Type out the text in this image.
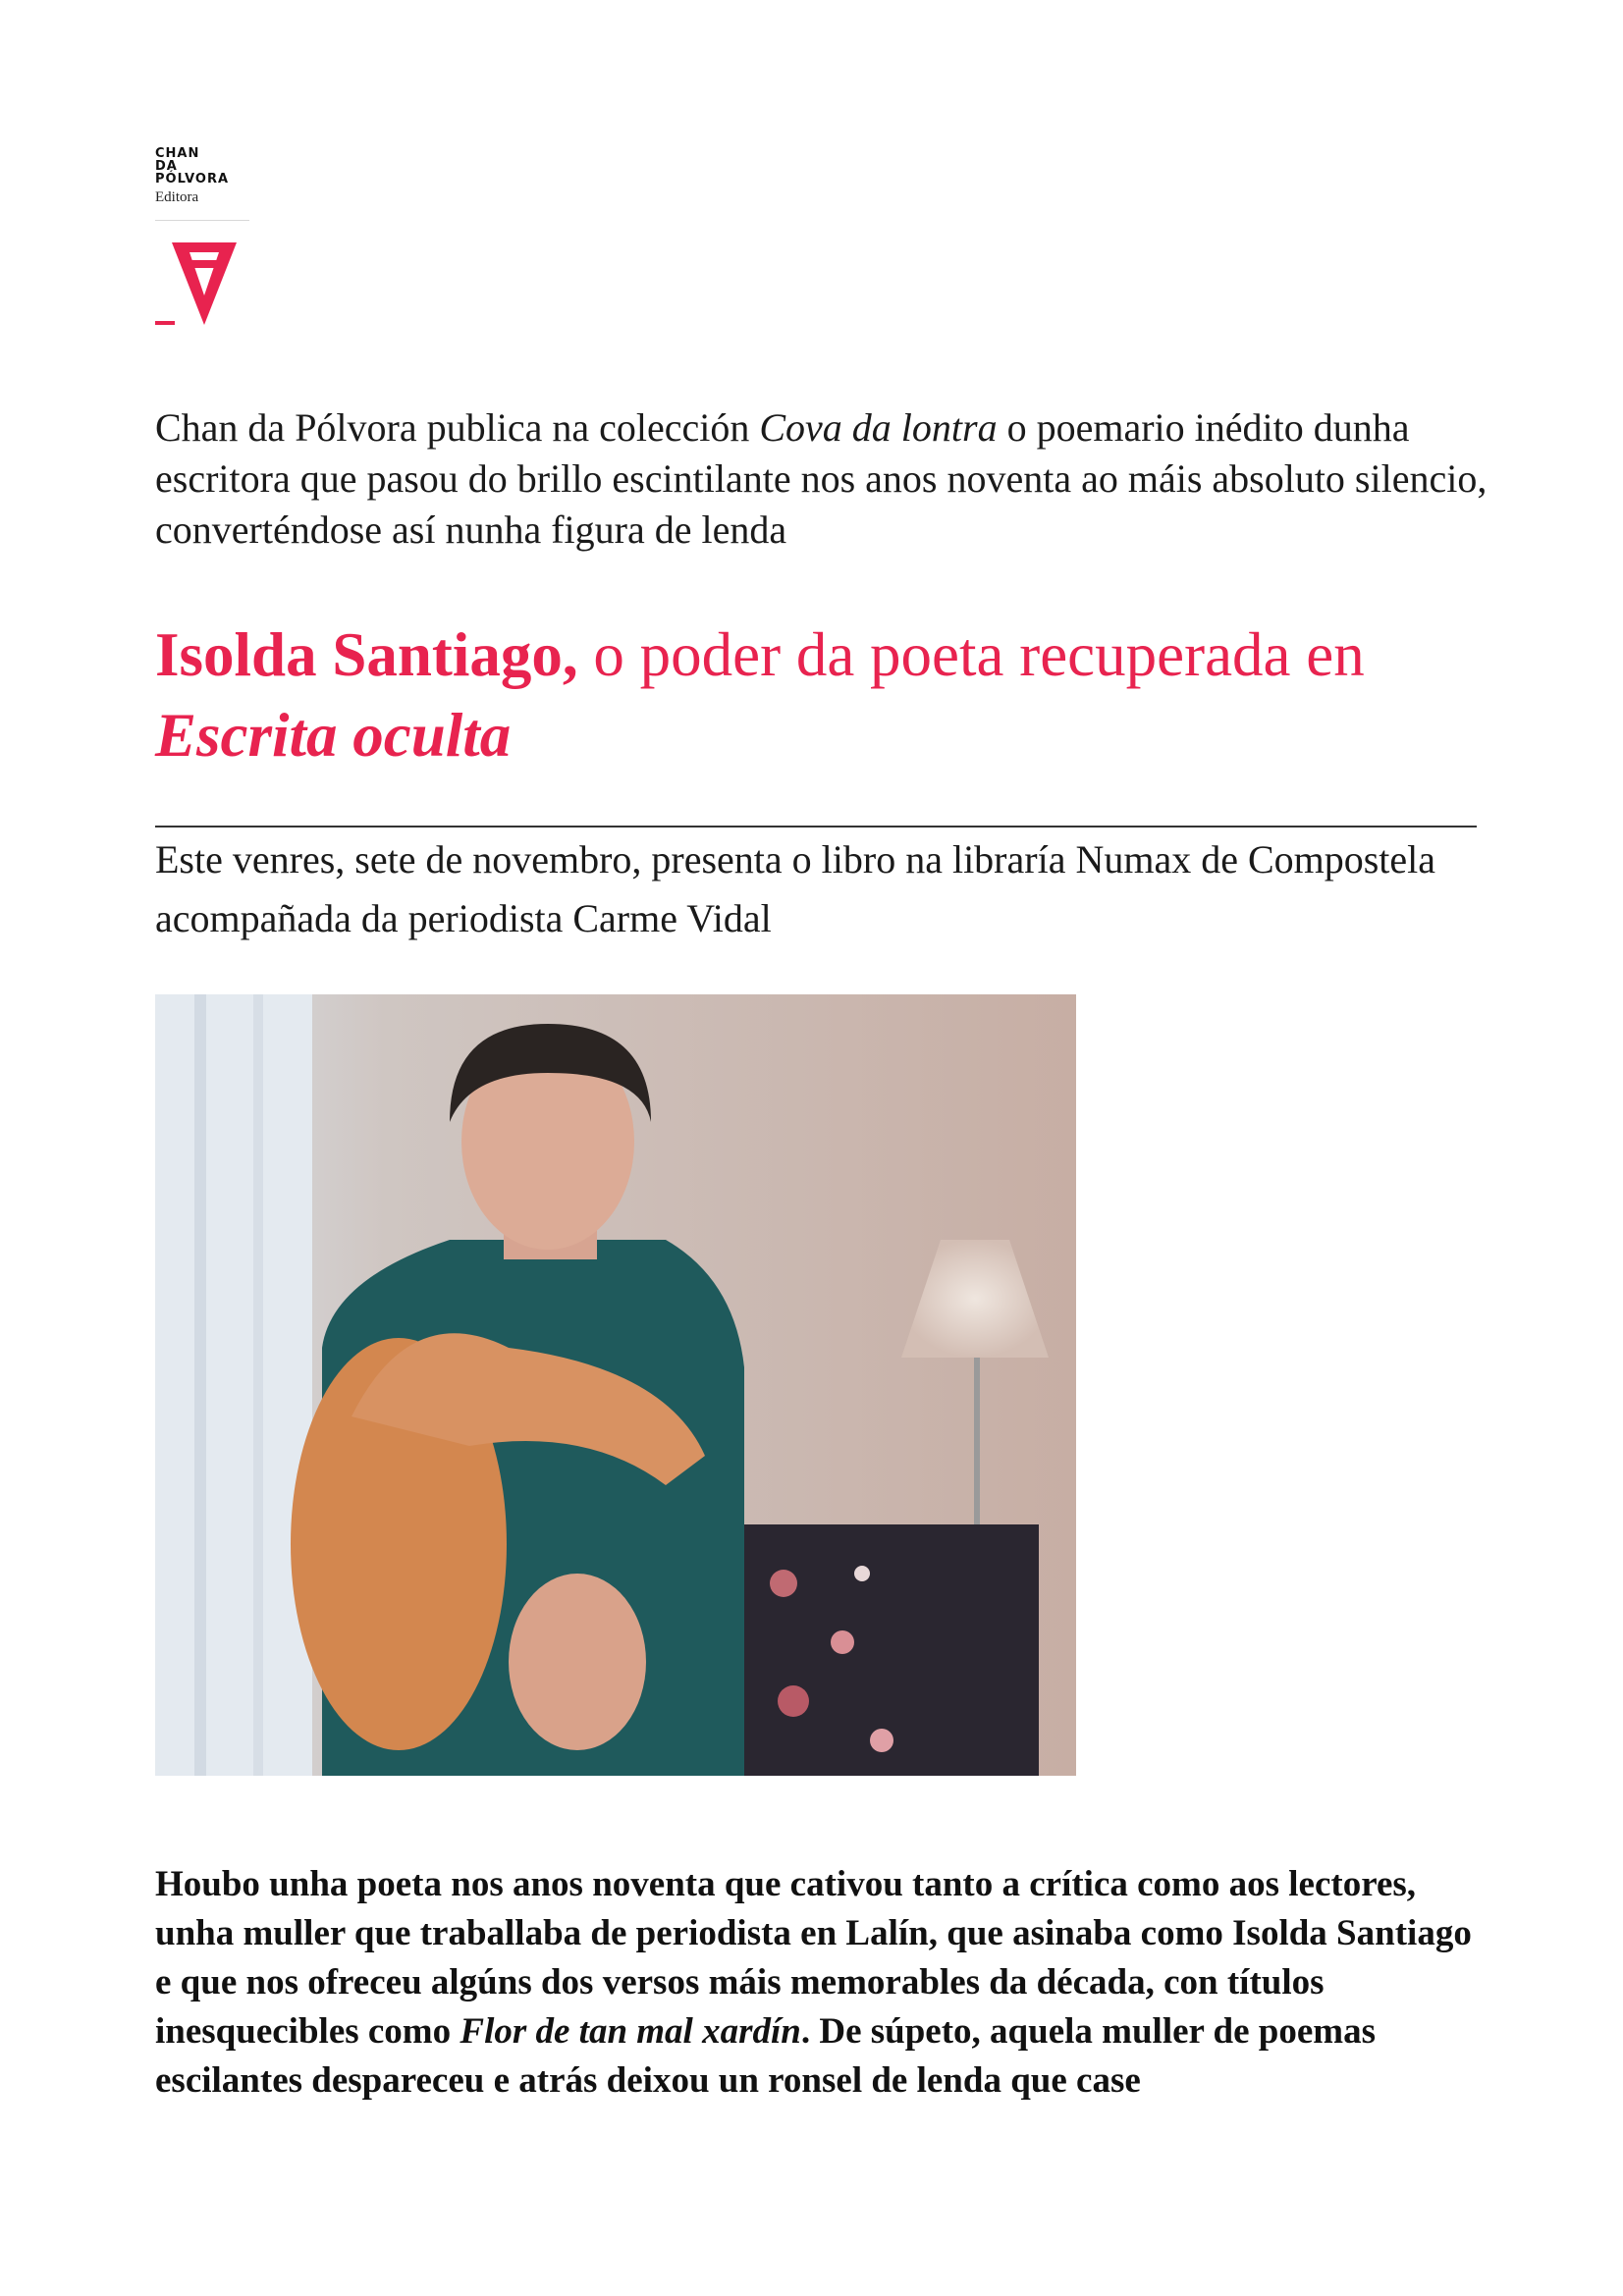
CHAN
DA
PÓLVORA
Editora
Chan da Pólvora publica na colección Cova da lontra o poemario inédito dunha escritora que pasou do brillo escintilante nos anos noventa ao máis absoluto silencio, converténdose así nunha figura de lenda
Isolda Santiago, o poder da poeta recuperada en Escrita oculta
Este venres, sete de novembro, presenta o libro na libraría Numax de Compostela acompañada da periodista Carme Vidal
Houbo unha poeta nos anos noventa que cativou tanto a crítica como aos lectores, unha muller que traballaba de periodista en Lalín, que asinaba como Isolda Santiago e que nos ofreceu algúns dos versos máis memorables da década, con títulos inesquecibles como Flor de tan mal xardín. De súpeto, aquela muller de poemas escilantes despareceu e atrás deixou un ronsel de lenda que case
